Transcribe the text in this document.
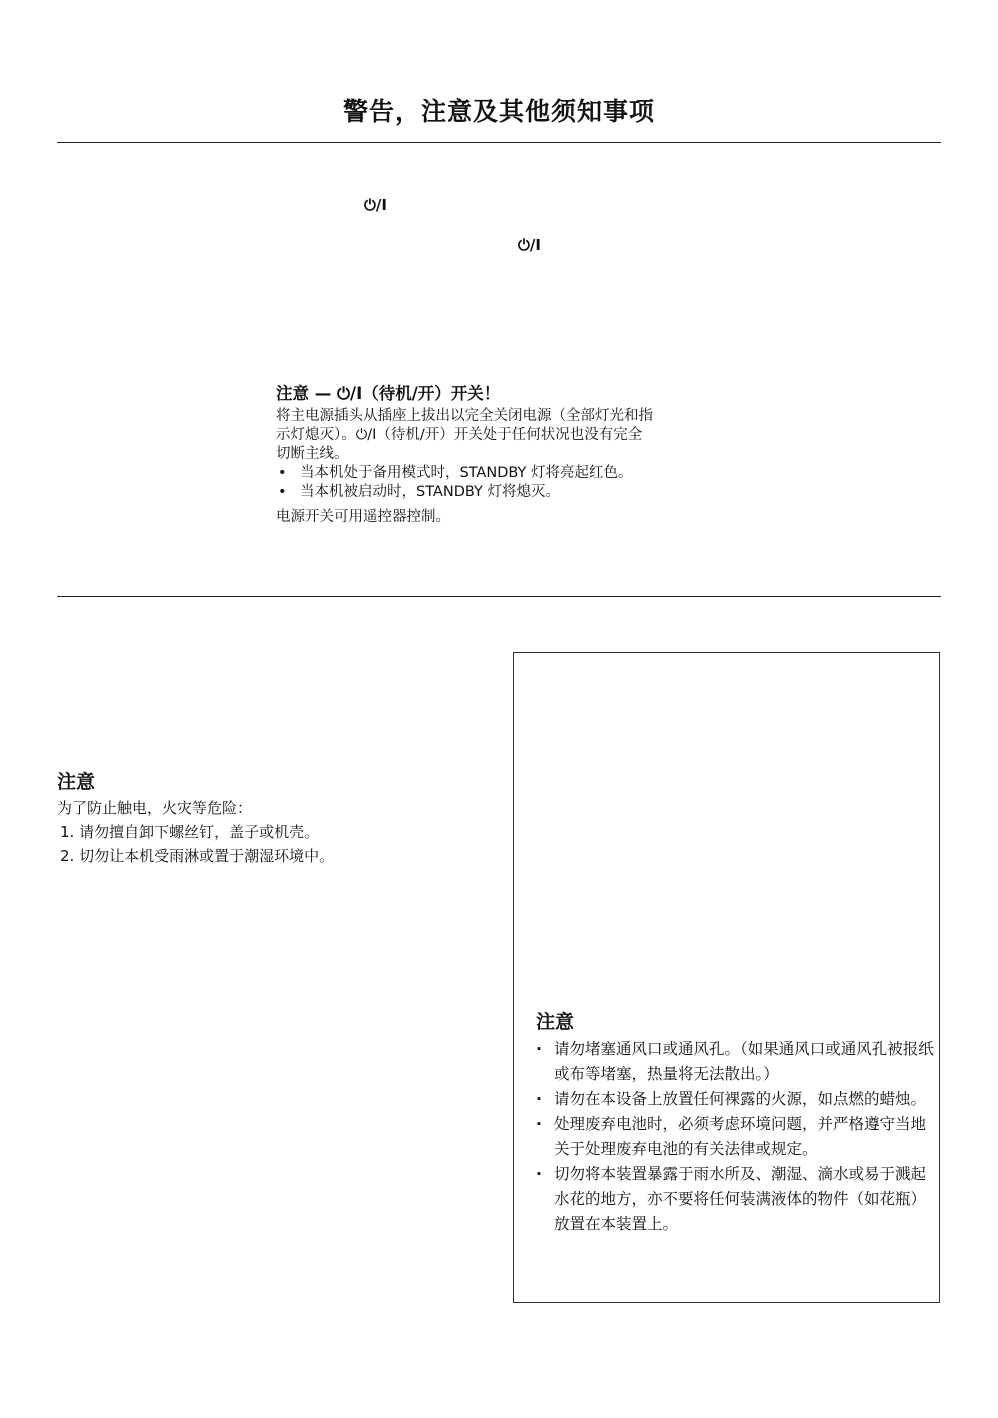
警告，注意及其他须知事项
⏻/I
⏻/I
注意 — ⏻/I（待机/开）开关！
将主电源插头从插座上拔出以完全关闭电源（全部灯光和指
示灯熄灭）。⏻/I（待机/开）开关处于任何状况也没有完全
切断主线。
• 当本机处于备用模式时，STANDBY 灯将亮起红色。
• 当本机被启动时，STANDBY 灯将熄灭。
电源开关可用遥控器控制。
注意
为了防止触电，火灾等危险：
1. 请勿擅自卸下螺丝钉，盖子或机壳。
2. 切勿让本机受雨淋或置于潮湿环境中。
注意
· 请勿堵塞通风口或通风孔。（如果通风口或通风孔被报纸或布等堵塞，热量将无法散出。）
· 请勿在本设备上放置任何裸露的火源，如点燃的蜡烛。
· 处理废弃电池时，必须考虑环境问题，并严格遵守当地关于处理废弃电池的有关法律或规定。
· 切勿将本装置暴露于雨水所及、潮湿、滴水或易于溅起水花的地方，亦不要将任何装满液体的物件（如花瓶）放置在本装置上。
